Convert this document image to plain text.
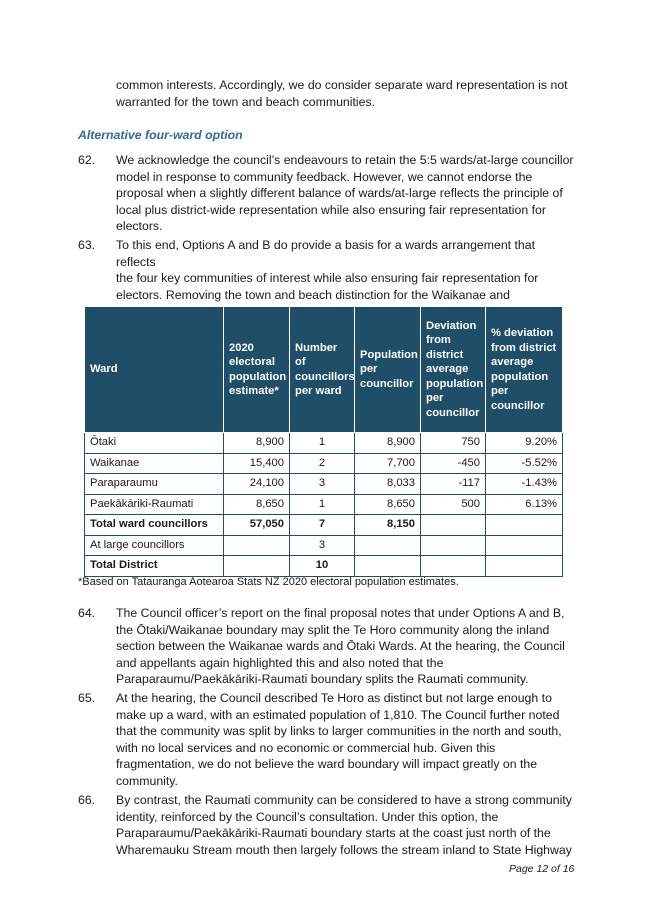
common interests. Accordingly, we do consider separate ward representation is not
warranted for the town and beach communities.
Alternative four-ward option
62. We acknowledge the council’s endeavours to retain the 5:5 wards/at-large councillor
model in response to community feedback. However, we cannot endorse the
proposal when a slightly different balance of wards/at-large reflects the principle of
local plus district-wide representation while also ensuring fair representation for
electors.
63. To this end, Options A and B do provide a basis for a wards arrangement that reflects
the four key communities of interest while also ensuring fair representation for
electors. Removing the town and beach distinction for the Waikanae and
Ward	2020 electoral population estimate*	Number of councillors per ward	Population per councillor	Deviation from district average population per councillor	% deviation from district average population per councillor
Ōtaki	8,900	1	8,900	750	9.20%
Waikanae	15,400	2	7,700	-450	-5.52%
Paraparaumu	24,100	3	8,033	-117	-1.43%
Paekākāriki-Raumati	8,650	1	8,650	500	6.13%
Total ward councillors	57,050	7	8,150		
At large councillors		3			
Total District		10			
*Based on Tatauranga Aotearoa Stats NZ 2020 electoral population estimates.
64. The Council officer’s report on the final proposal notes that under Options A and B,
the Ōtaki/Waikanae boundary may split the Te Horo community along the inland
section between the Waikanae wards and Ōtaki Wards. At the hearing, the Council
and appellants again highlighted this and also noted that the
Paraparaumu/Paekākāriki-Raumati boundary splits the Raumati community.
65. At the hearing, the Council described Te Horo as distinct but not large enough to
make up a ward, with an estimated population of 1,810. The Council further noted
that the community was split by links to larger communities in the north and south,
with no local services and no economic or commercial hub. Given this
fragmentation, we do not believe the ward boundary will impact greatly on the
community.
66. By contrast, the Raumati community can be considered to have a strong community
identity, reinforced by the Council’s consultation. Under this option, the
Paraparaumu/Paekākāriki-Raumati boundary starts at the coast just north of the
Wharemauku Stream mouth then largely follows the stream inland to State Highway
Page 12 of 16
